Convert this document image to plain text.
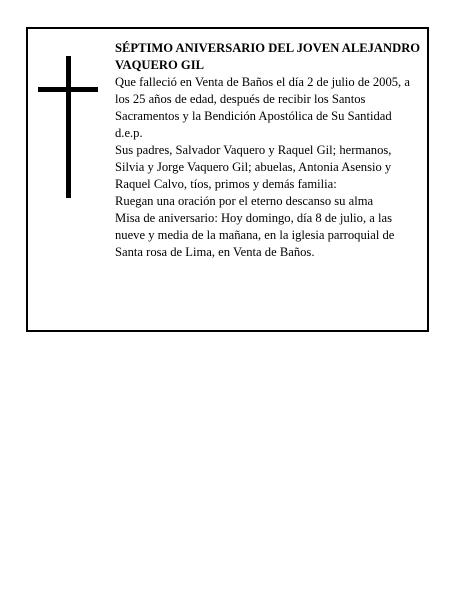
SÉPTIMO ANIVERSARIO DEL JOVEN ALEJANDRO VAQUERO GIL

Que falleció en Venta de Baños el día 2 de julio de 2005, a los 25 años de edad, después de recibir los Santos Sacramentos y la Bendición Apostólica de Su Santidad

d.e.p.

Sus padres, Salvador Vaquero y Raquel Gil; hermanos, Silvia y Jorge Vaquero Gil; abuelas, Antonia Asensio y Raquel Calvo, tíos, primos y demás familia:

Ruegan una oración por el eterno descanso su alma

Misa de aniversario: Hoy domingo, día 8 de julio, a las nueve y media de la mañana, en la iglesia parroquial de Santa rosa de Lima, en Venta de Baños.
